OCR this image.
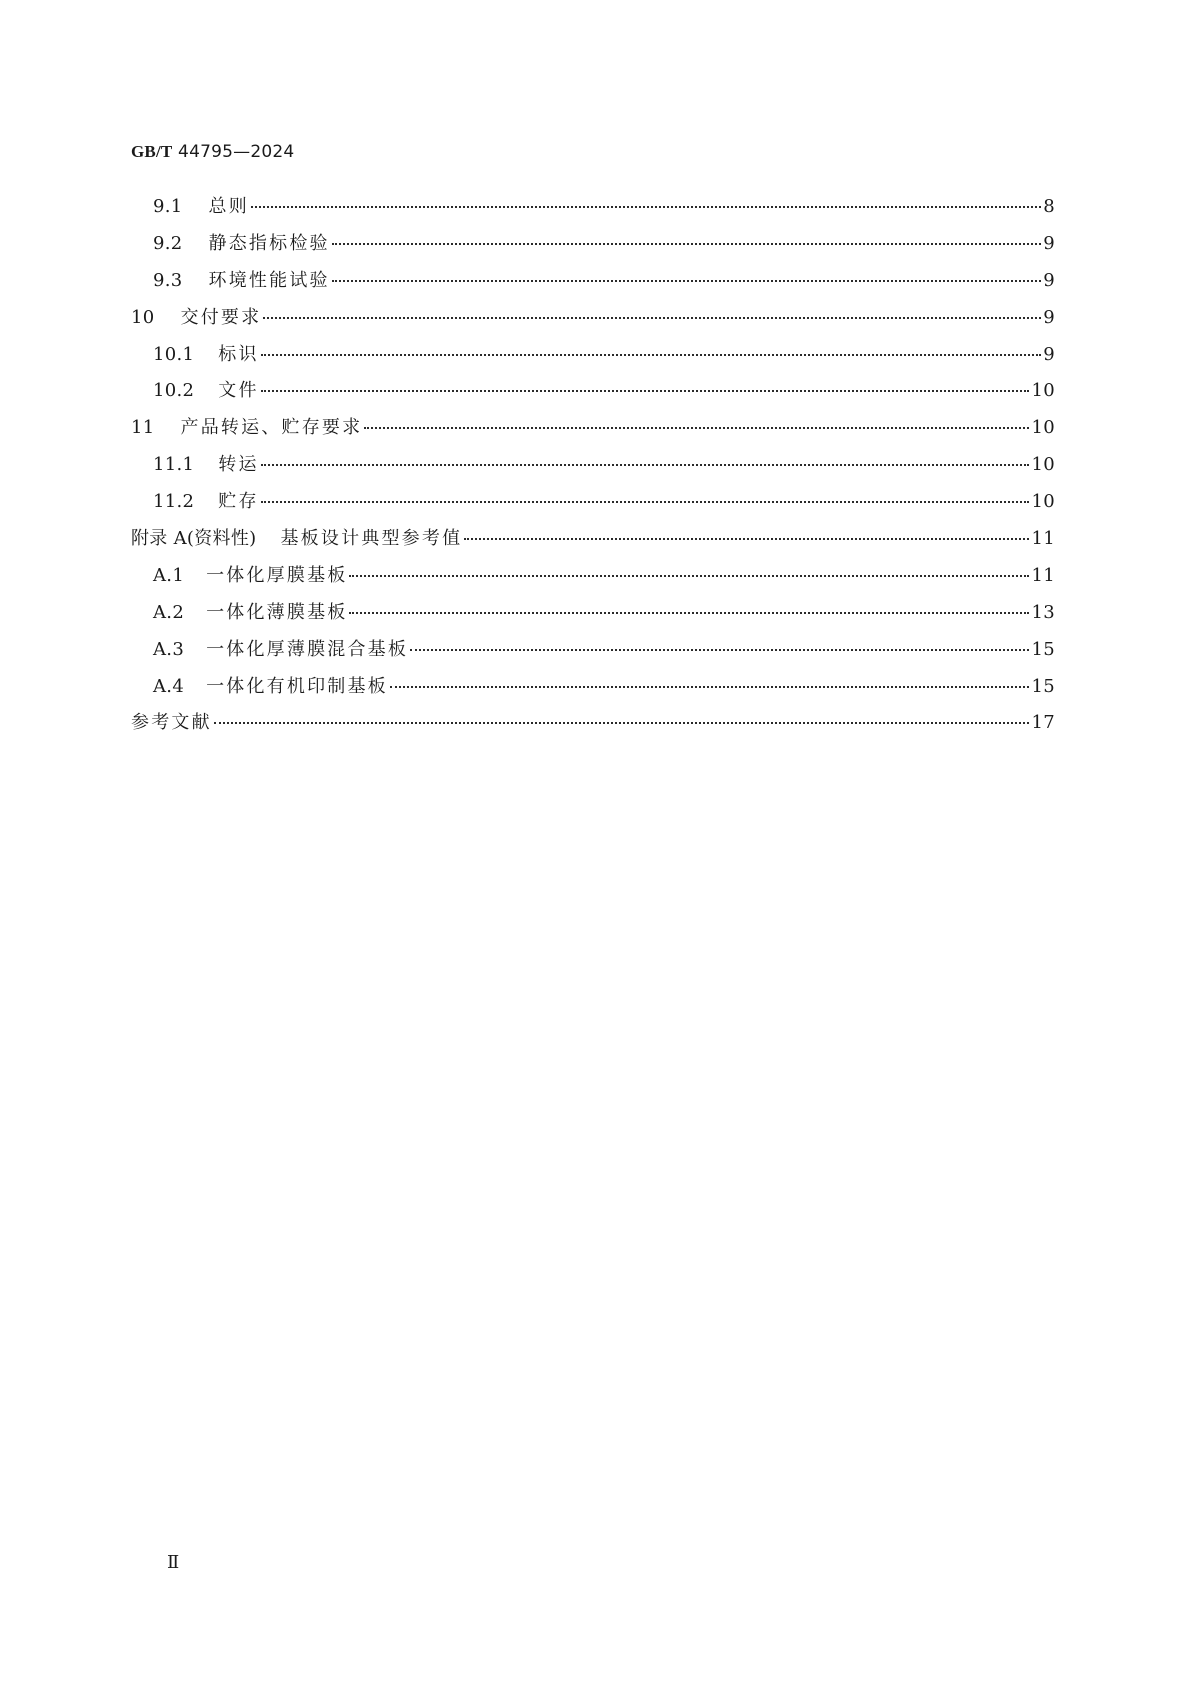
GB/T 44795—2024
9.1 总则	8
9.2 静态指标检验	9
9.3 环境性能试验	9
10 交付要求	9
10.1 标识	9
10.2 文件	10
11 产品转运、贮存要求	10
11.1 转运	10
11.2 贮存	10
附录 A(资料性) 基板设计典型参考值	11
A.1 一体化厚膜基板	11
A.2 一体化薄膜基板	13
A.3 一体化厚薄膜混合基板	15
A.4 一体化有机印制基板	15
参考文献	17
Ⅱ
